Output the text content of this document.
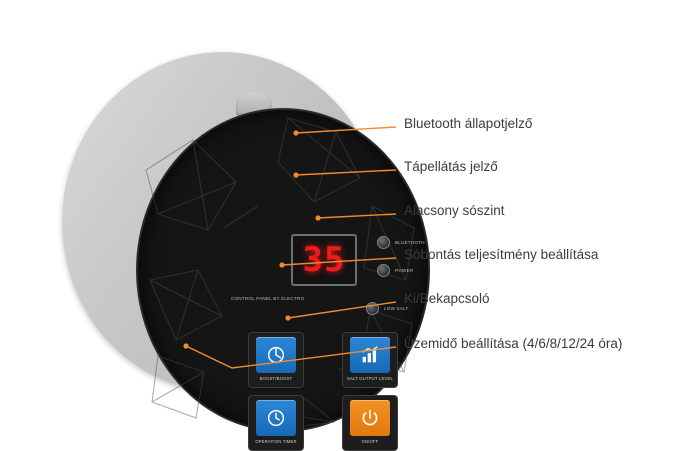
35	BLUETOOTH
POWER
LOW SALT
CONTROL PANEL BY ELECTRO
BOOST/BOOST	SALT OUTPUT LEVEL
OPERATION TIMER	ON/OFF
Bluetooth állapotjelző
Tápellátás jelző
Alacsony sószint
Sóbontás teljesítmény beállítása
Ki/Bekapcsoló
Üzemidő beállítása (4/6/8/12/24 óra)
